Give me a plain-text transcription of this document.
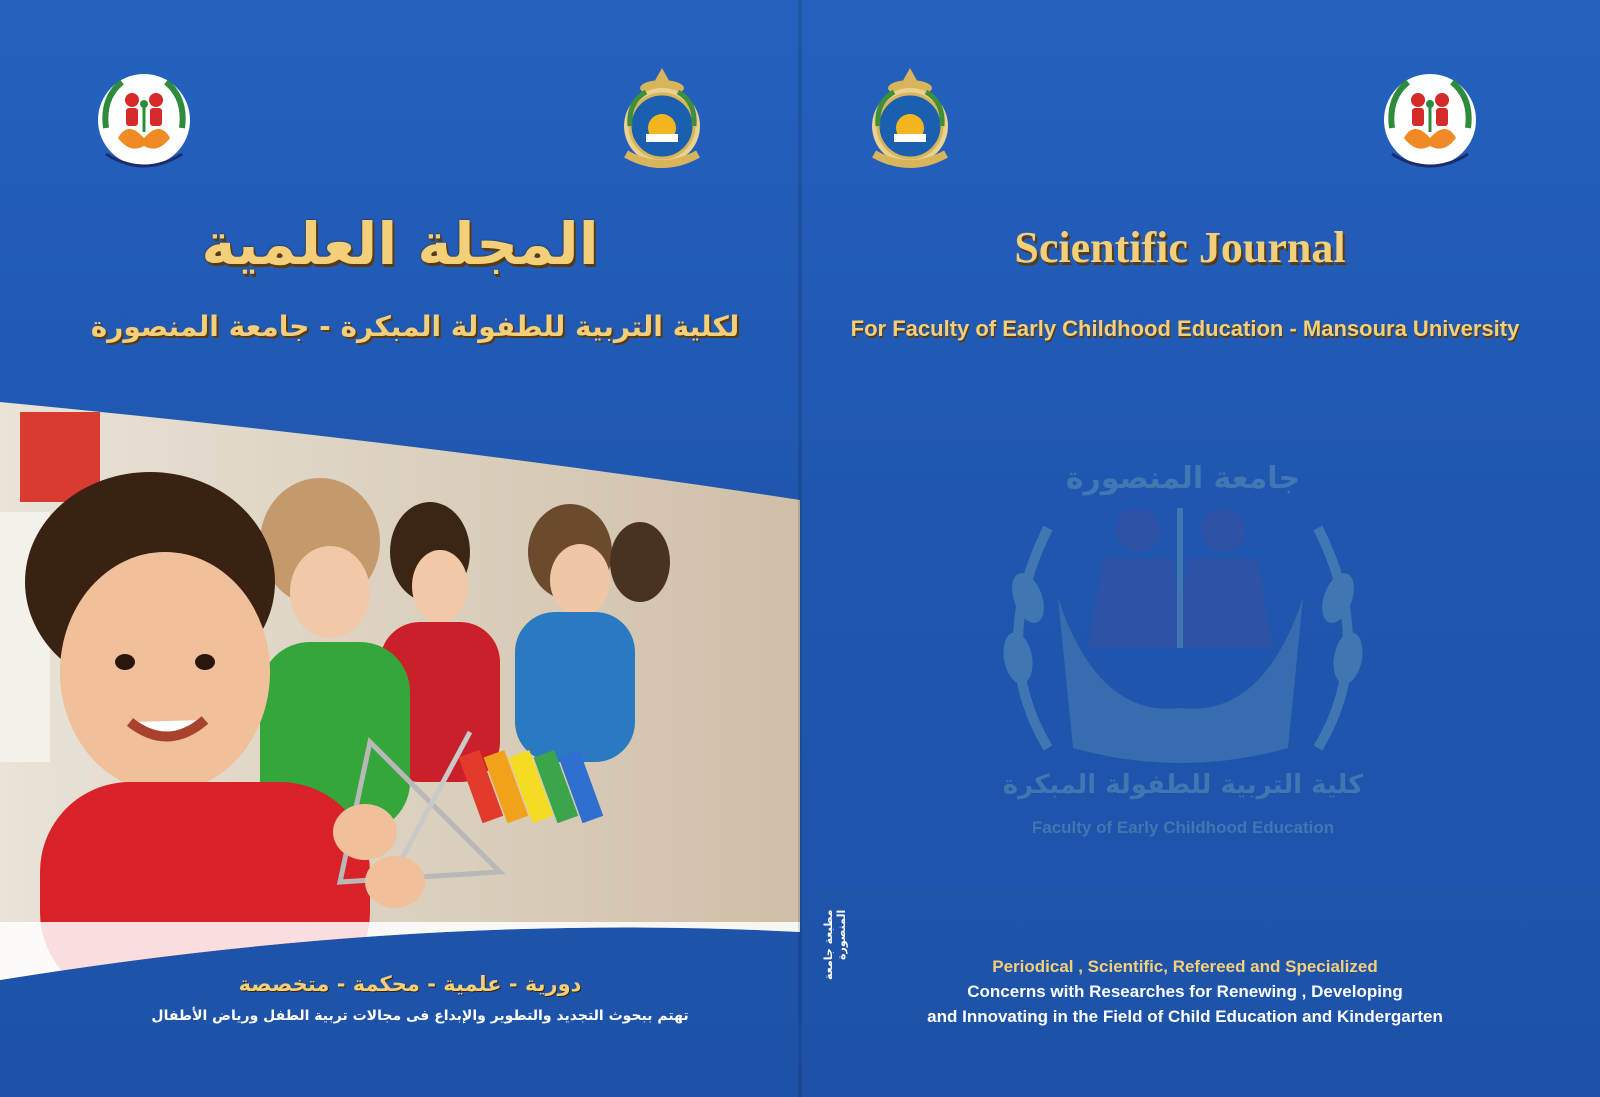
المجلة العلمية
لكلية التربية للطفولة المبكرة - جامعة المنصورة
دورية - علمية - محكمة - متخصصة
تهتم ببحوث التجديد والتطوير والإبداع فى مجالات تربية الطفل ورياض الأطفال
Scientific Journal
For Faculty of Early Childhood Education - Mansoura University
جامعة المنصورة
كلية التربية للطفولة المبكرة
Faculty of Early Childhood Education
مطبعة جامعة المنصورة
Periodical , Scientific, Refereed and Specialized
Concerns with Researches for Renewing , Developing
and Innovating in the Field of Child Education and Kindergarten
